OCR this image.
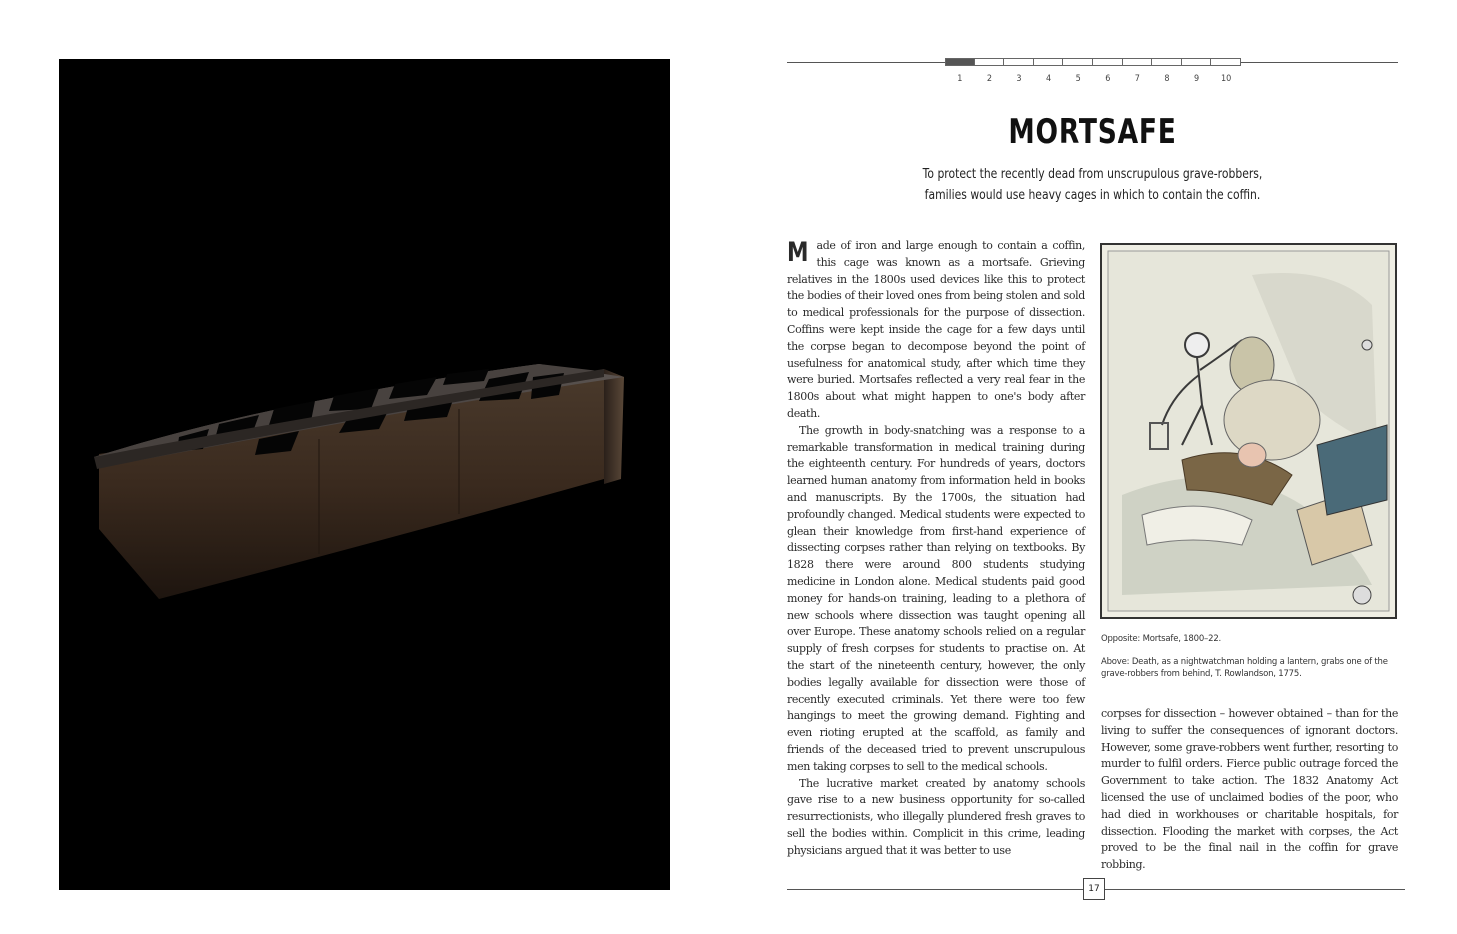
1	2	3	4	5	6	7	8	9	10
MORTSAFE
To protect the recently dead from unscrupulous grave-robbers,
families would use heavy cages in which to contain the coffin.

Made of iron and large enough to contain a coffin, this cage was known as a mortsafe. Grieving relatives in the 1800s used devices like this to protect the bodies of their loved ones from being stolen and sold to medical professionals for the purpose of dissection. Coffins were kept inside the cage for a few days until the corpse began to decompose beyond the point of usefulness for anatomical study, after which time they were buried. Mortsafes reflected a very real fear in the 1800s about what might happen to one's body after death.

The growth in body-snatching was a response to a remarkable transformation in medical training during the eighteenth century. For hundreds of years, doctors learned human anatomy from information held in books and manuscripts. By the 1700s, the situation had profoundly changed. Medical students were expected to glean their knowledge from first-hand experience of dissecting corpses rather than relying on textbooks. By 1828 there were around 800 students studying medicine in London alone. Medical students paid good money for hands-on training, leading to a plethora of new schools where dissection was taught opening all over Europe. These anatomy schools relied on a regular supply of fresh corpses for students to practise on. At the start of the nineteenth century, however, the only bodies legally available for dissection were those of recently executed criminals. Yet there were too few hangings to meet the growing demand. Fighting and even rioting erupted at the scaffold, as family and friends of the deceased tried to prevent unscrupulous men taking corpses to sell to the medical schools.

The lucrative market created by anatomy schools gave rise to a new business opportunity for so-called resurrectionists, who illegally plundered fresh graves to sell the bodies within. Complicit in this crime, leading physicians argued that it was better to use

Opposite: Mortsafe, 1800–22.
Above: Death, as a nightwatchman holding a lantern, grabs one of the grave-robbers from behind, T. Rowlandson, 1775.

corpses for dissection – however obtained – than for the living to suffer the consequences of ignorant doctors. However, some grave-robbers went further, resorting to murder to fulfil orders. Fierce public outrage forced the Government to take action. The 1832 Anatomy Act licensed the use of unclaimed bodies of the poor, who had died in workhouses or charitable hospitals, for dissection. Flooding the market with corpses, the Act proved to be the final nail in the coffin for grave robbing.

17
